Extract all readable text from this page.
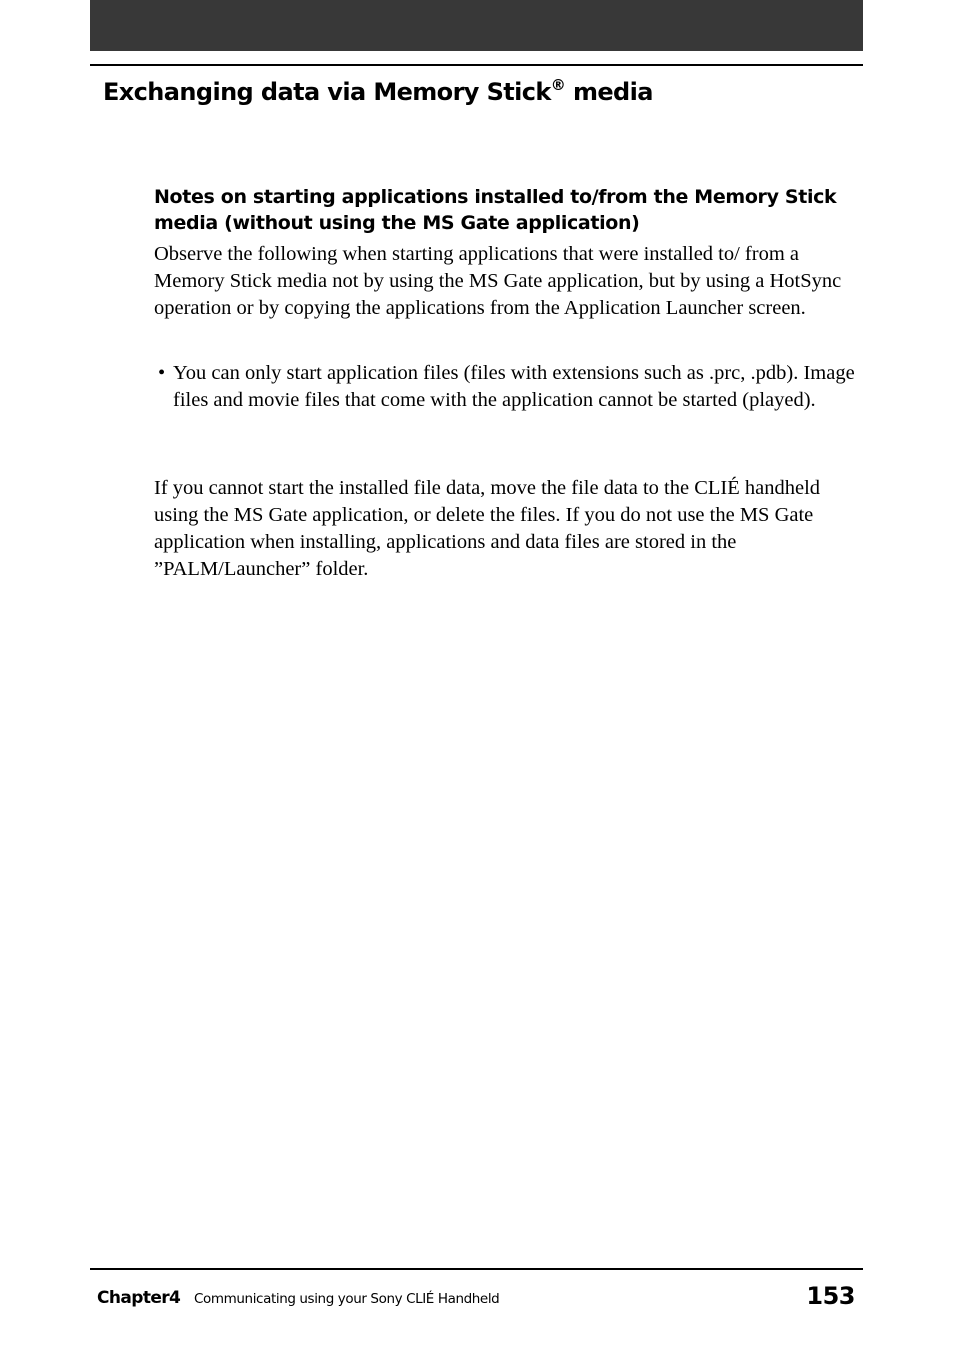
Exchanging data via Memory Stick® media
Notes on starting applications installed to/from the Memory Stick media (without using the MS Gate application)

Observe the following when starting applications that were installed to/ from a Memory Stick media not by using the MS Gate application, but by using a HotSync operation or by copying the applications from the Application Launcher screen.

• You can only start application files (files with extensions such as .prc, .pdb). Image files and movie files that come with the application cannot be started (played).

If you cannot start the installed file data, move the file data to the CLIÉ handheld using the MS Gate application, or delete the files. If you do not use the MS Gate application when installing, applications and data files are stored in the ”PALM/Launcher” folder.

Chapter4 Communicating using your Sony CLIÉ Handheld	153
